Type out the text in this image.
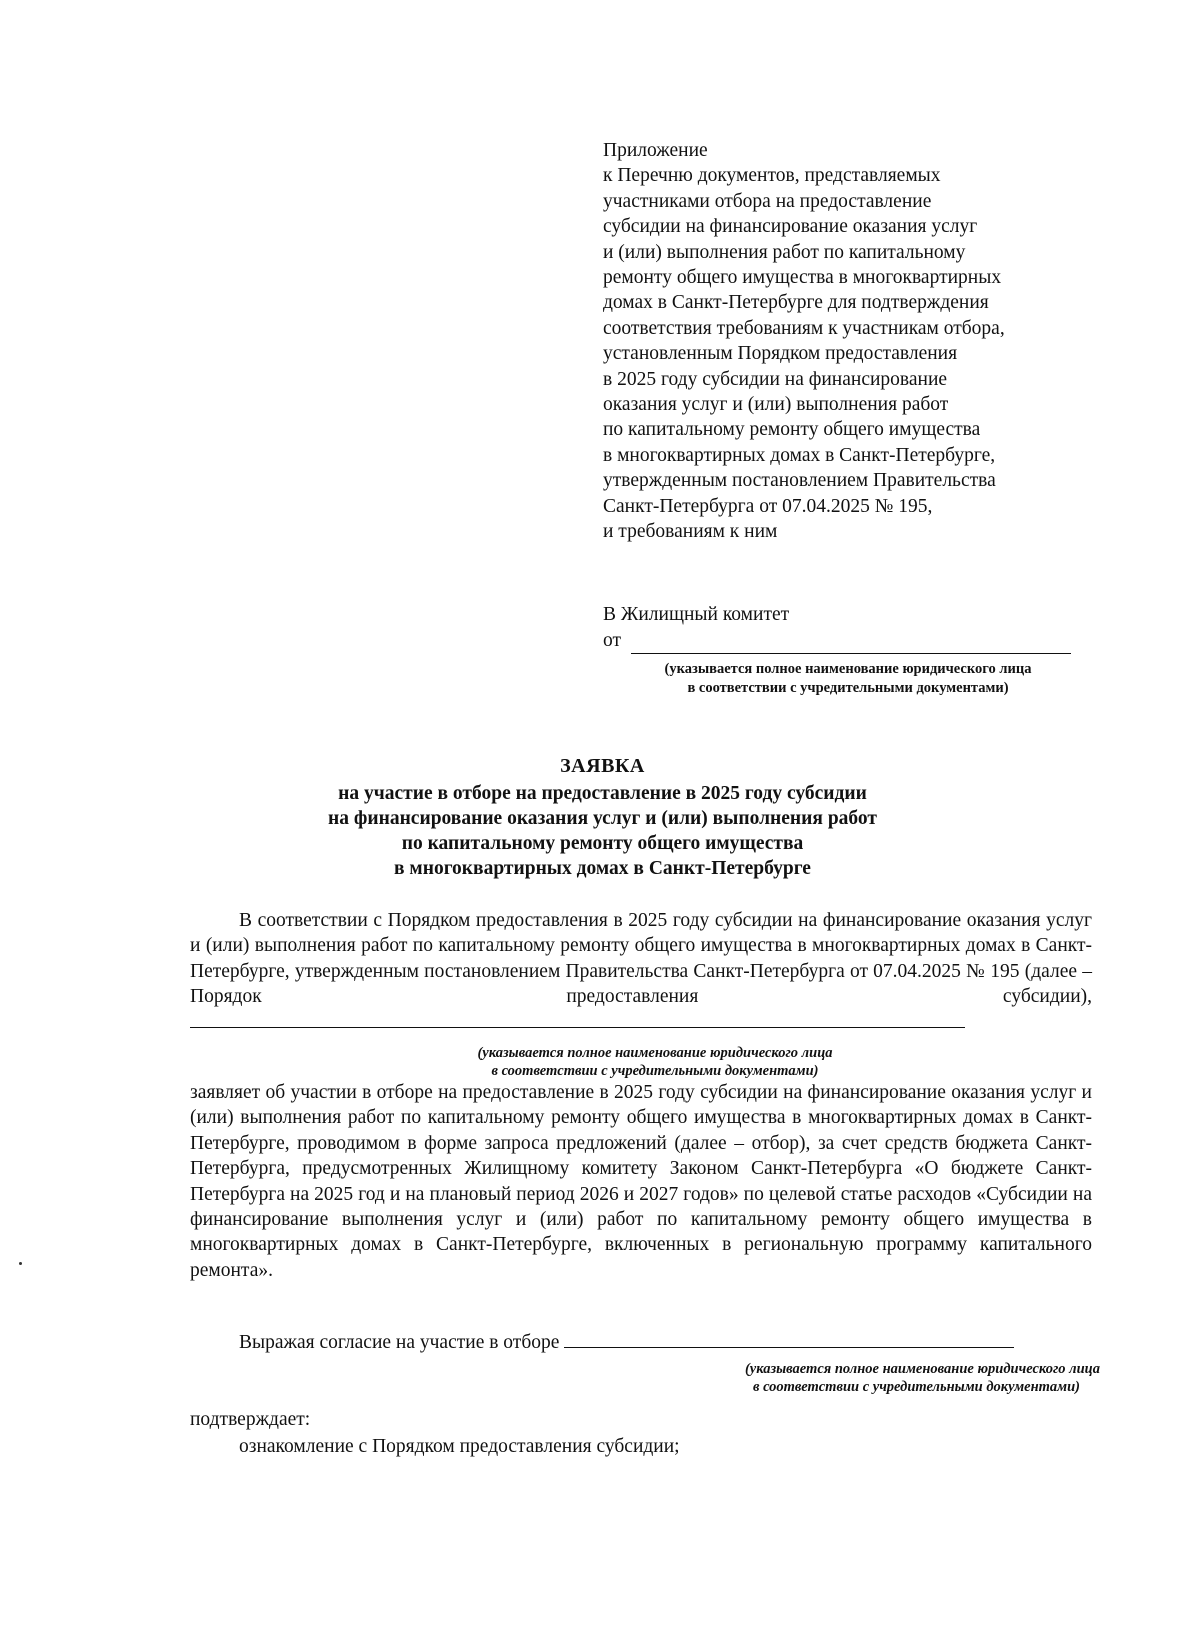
Приложение
к Перечню документов, представляемых
участниками отбора на предоставление
субсидии на финансирование оказания услуг
и (или) выполнения работ по капитальному
ремонту общего имущества в многоквартирных
домах в Санкт-Петербурге для подтверждения
соответствия требованиям к участникам отбора,
установленным Порядком предоставления
в 2025 году субсидии на финансирование
оказания услуг и (или) выполнения работ
по капитальному ремонту общего имущества
в многоквартирных домах в Санкт-Петербурге,
утвержденным постановлением Правительства
Санкт-Петербурга от 07.04.2025 № 195,
и требованиям к ним
В Жилищный комитет
от
(указывается полное наименование юридического лица
в соответствии с учредительными документами)
ЗАЯВКА
на участие в отборе на предоставление в 2025 году субсидии
на финансирование оказания услуг и (или) выполнения работ
по капитальному ремонту общего имущества
в многоквартирных домах в Санкт-Петербурге

В соответствии с Порядком предоставления в 2025 году субсидии на финансирование оказания услуг и (или) выполнения работ по капитальному ремонту общего имущества в многоквартирных домах в Санкт-Петербурге, утвержденным постановлением Правительства Санкт-Петербурга от 07.04.2025 № 195 (далее – Порядок предоставления субсидии),

(указывается полное наименование юридического лица
в соответствии с учредительными документами)

заявляет об участии в отборе на предоставление в 2025 году субсидии на финансирование оказания услуг и (или) выполнения работ по капитальному ремонту общего имущества в многоквартирных домах в Санкт-Петербурге, проводимом в форме запроса предложений (далее – отбор), за счет средств бюджета Санкт-Петербурга, предусмотренных Жилищному комитету Законом Санкт-Петербурга «О бюджете Санкт-Петербурга на 2025 год и на плановый период 2026 и 2027 годов» по целевой статье расходов «Субсидии на финансирование выполнения услуг и (или) работ по капитальному ремонту общего имущества в многоквартирных домах в Санкт-Петербурге, включенных в региональную программу капитального ремонта».

Выражая согласие на участие в отборе

(указывается полное наименование юридического лица
в соответствии с учредительными документами)

подтверждает:

ознакомление с Порядком предоставления субсидии;
